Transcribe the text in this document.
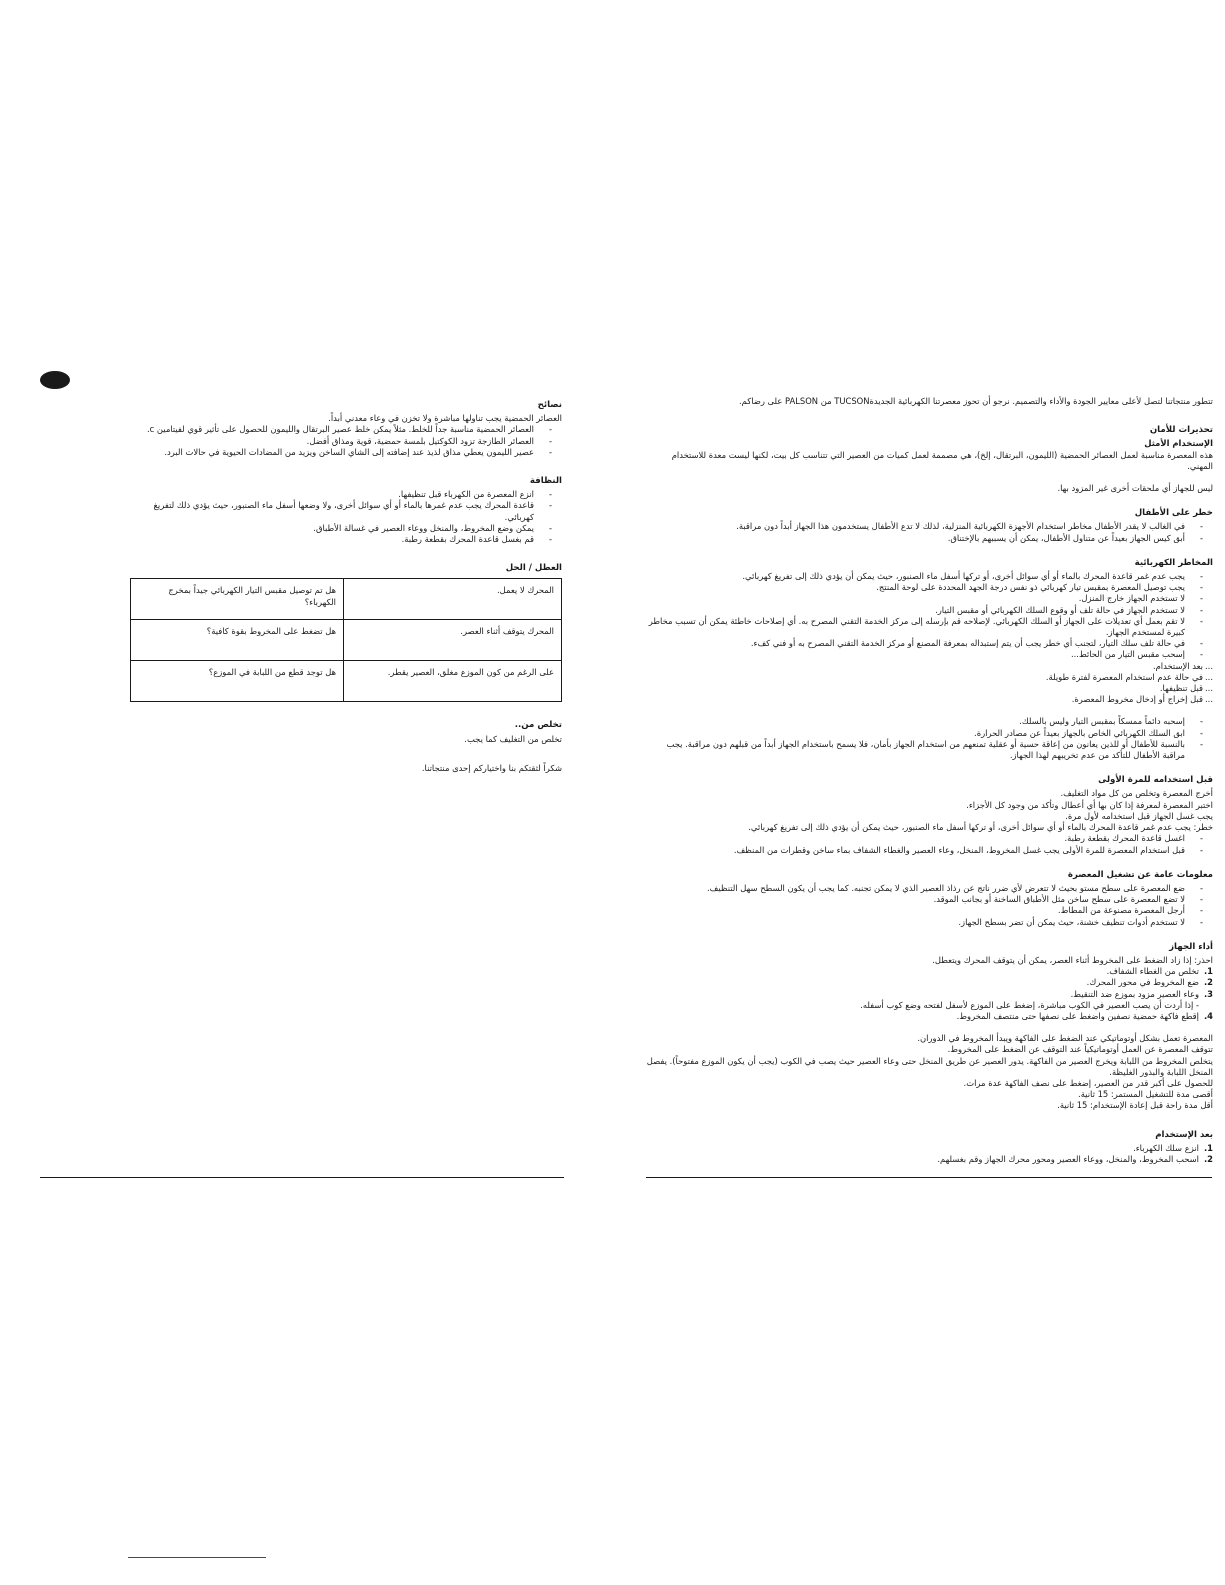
نصائح
العصائر الحمضية يجب تناولها مباشرة ولا تخزن في وعاء معدني أبداً.
-
العصائر الحمضية مناسبة جداً للخلط. مثلاً يمكن خلط عصير البرتقال والليمون للحصول على تأثير قوي لفيتامين c.
-
العصائر الطازجة تزود الكوكتيل بلمسة حمضية، قوية ومذاق أفضل.
-
عصير الليمون يعطي مذاق لذيذ عند إضافته إلى الشاي الساخن ويزيد من المضادات الحيوية في حالات البرد.
النظافة
-
انزع المعصرة من الكهرباء قبل تنظيفها.
-
قاعدة المحرك يجب عدم غمرها بالماء أو أي سوائل أخرى، ولا وضعها أسفل ماء الصنبور، حيث يؤدي ذلك لتفريغ كهربائي.
-
يمكن وضع المخروط، والمنخل ووعاء العصير في غسالة الأطباق.
-
قم بغسل قاعدة المحرك بقطعة رطبة.
العطل / الحل
المحرك لا يعمل.	هل تم توصيل مقبس التيار الكهربائي جيداً بمخرج الكهرباء؟
المحرك يتوقف أثناء العصر.	هل تضغط على المخروط بقوة كافية؟
على الرغم من كون الموزع مغلق، العصير يقطر.	هل توجد قطع من اللبابة في الموزع؟
تخلص من..
تخلص من التغليف كما يجب.
شكراً لثقتكم بنا واختياركم إحدى منتجاتنا.
تتطور منتجاتنا لتصل لأعلى معايير الجودة والأداء والتصميم. نرجو أن تحوز معصرتنا الكهربائية الجديدةTUCSON من PALSON على رضاكم.
تحذيرات للأمان
الإستخدام الأمثل
هذه المعصرة مناسبة لعمل العصائر الحمضية (الليمون، البرتقال، إلخ)، هي مصممة لعمل كميات من العصير التي تتناسب كل بيت، لكنها ليست معدة للاستخدام المهني.
ليس للجهاز أي ملحقات أخرى غير المزود بها.
خطر على الأطفال
-
في الغالب لا يقدر الأطفال مخاطر استخدام الأجهزة الكهربائية المنزلية، لذلك لا تدع الأطفال يستخدمون هذا الجهاز أبداً دون مراقبة.
-
أبق كيس الجهاز بعيداً عن متناول الأطفال، يمكن أن يسببهم بالإختناق.
المخاطر الكهربائية
-
يجب عدم غمر قاعدة المحرك بالماء أو أي سوائل أخرى، أو تركها أسفل ماء الصنبور، حيث يمكن أن يؤدي ذلك إلى تفريغ كهربائي.
-
يجب توصيل المعصرة بمقبس تيار كهربائي ذو نفس درجة الجهد المحددة على لوحة المنتج.
-
لا تستخدم الجهاز خارج المنزل.
-
لا تستخدم الجهاز في حالة تلف أو وقوع السلك الكهربائي أو مقبس التيار.
-
لا تقم بعمل أي تعديلات على الجهاز أو السلك الكهربائي. لإصلاحه قم بإرسله إلى مركز الخدمة التقني المصرح به. أي إصلاحات خاطئة يمكن أن تسبب مخاطر كبيرة لمستخدم الجهاز.
-
في حالة تلف سلك التيار، لتجنب أي خطر يجب أن يتم إستبداله بمعرفة المصنع أو مركز الخدمة التقني المصرح به أو فني كفء.
-
إسحب مقبس التيار من الحائط...
...
بعد الإستخدام.
...
في حالة عدم استخدام المعصرة لفترة طويلة.
...
قبل تنظيفها.
...
قبل إخراج أو إدخال مخروط المعصرة.
-
إسحبه دائماً ممسكاً بمقبس التيار وليس بالسلك.
-
ابق السلك الكهربائي الخاص بالجهاز بعيداً عن مصادر الحرارة.
-
بالنسبة للأطفال أو للذين يعانون من إعاقة حسية أو عقلية تمنعهم من استخدام الجهاز بأمان، فلا يسمح باستخدام الجهاز أبداً من قبلهم دون مراقبة. يجب مراقبة الأطفال للتأكد من عدم تخريبهم لهذا الجهاز.
قبل استخدامه للمرة الأولى
أخرج المعصرة وتخلص من كل مواد التغليف.
اختبر المعصرة لمعرفة إذا كان بها أي أعطال وتأكد من وجود كل الأجزاء.
يجب غسل الجهاز قبل استخدامه لأول مرة.
خطر: يجب عدم غمر قاعدة المحرك بالماء أو أي سوائل أخرى، أو تركها أسفل ماء الصنبور، حيث يمكن أن يؤدي ذلك إلى تفريغ كهربائي.
-
اغسل قاعدة المحرك بقطعة رطبة.
-
قبل استخدام المعصرة للمرة الأولى يجب غسل المخروط، المنخل، وعاء العصير والغطاء الشفاف بماء ساخن وقطرات من المنظف.
معلومات عامة عن تشغيل المعصرة
-
ضع المعصرة على سطح مستو بحيث لا تتعرض لأي ضرر ناتج عن رذاذ العصير الذي لا يمكن تجنبه. كما يجب أن يكون السطح سهل التنظيف.
-
لا تضع المعصرة على سطح ساخن مثل الأطباق الساخنة أو بجانب الموقد.
-
أرجل المعصرة مصنوعة من المطاط.
-
لا تستخدم أدوات تنظيف خشنة، حيث يمكن أن تضر بسطح الجهاز.
أداء الجهاز
احذر: إذا زاد الضغط على المخروط أثناء العصر، يمكن أن يتوقف المحرك ويتعطل.
1.
تخلص من الغطاء الشفاف.
2.
ضع المخروط في محور المحرك.
3.
وعاء العصير مزود بموزع ضد التنقيط.
- إذا أردت أن يصب العصير في الكوب مباشرة، إضغط على الموزع لأسفل لفتحه وضع كوب أسفله.
4.
إقطع فاكهة حمضية نصفين واضغط على نصفها حتى منتصف المخروط.
المعصرة تعمل بشكل أوتوماتيكي عند الضغط على الفاكهة ويبدأ المخروط في الدوران.
تتوقف المعصرة عن العمل أوتوماتيكياً عند التوقف عن الضغط على المخروط.
يتخلص المخروط من اللبابة ويخرج العصير من الفاكهة. يدور العصير عن طريق المنخل حتى وعاء العصير حيث يصب في الكوب (يجب أن يكون الموزع مفتوحاً). يفصل المنخل اللبابة والبذور الغليظة.
للحصول على أكبر قدر من العصير، إضغط على نصف الفاكهة عدة مرات.
أقصى مدة للتشغيل المستمر: 15 ثانية.
أقل مدة راحة قبل إعادة الإستخدام: 15 ثانية.
بعد الإستخدام
1.
انزع سلك الكهرباء.
2.
اسحب المخروط، والمنخل، ووعاء العصير ومحور محرك الجهاز وقم بغسلهم.
